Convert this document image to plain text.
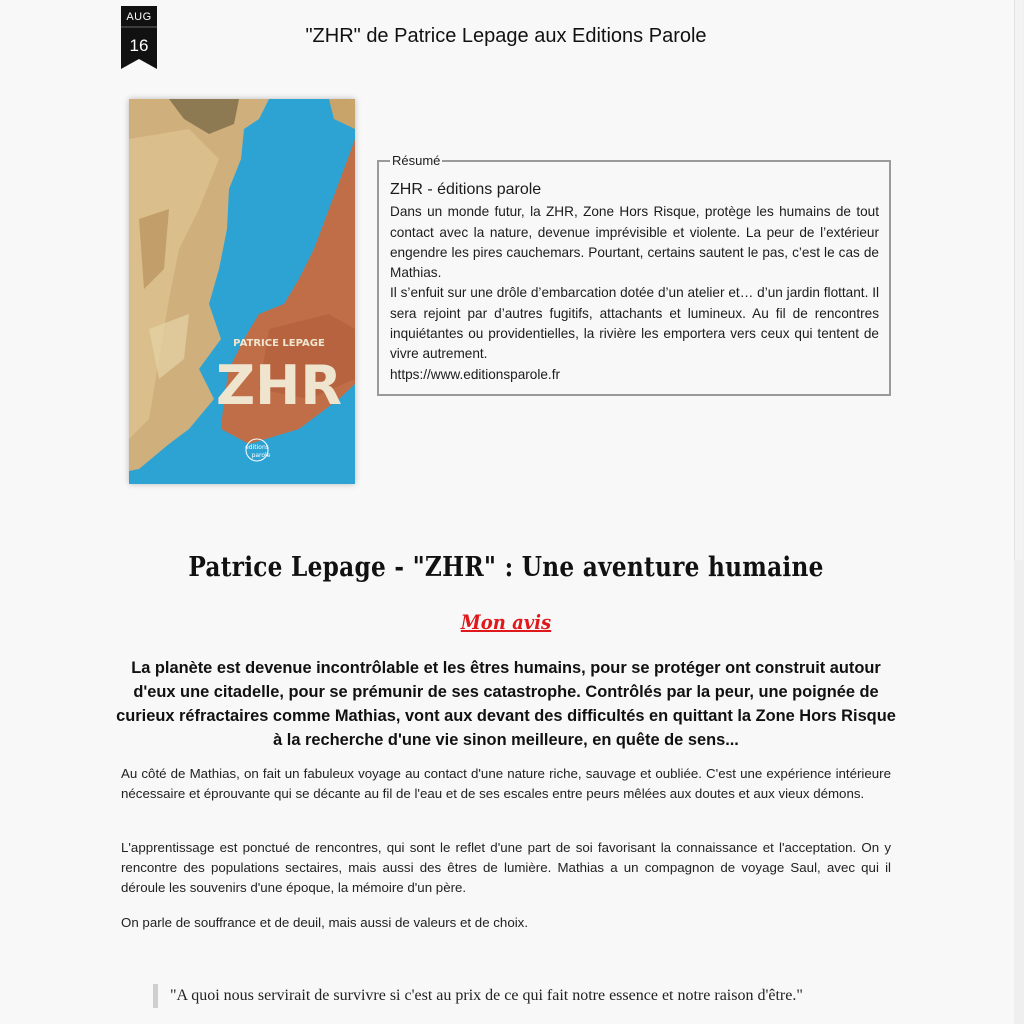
AUG
16	"ZHR" de Patrice Lepage aux Editions Parole
PATRICE LEPAGE
ZHR
éditions
parole
Résumé
ZHR - éditions parole

Dans un monde futur, la ZHR, Zone Hors Risque, protège les humains de tout contact avec la nature, devenue imprévisible et violente. La peur de l’extérieur engendre les pires cauchemars. Pourtant, certains sautent le pas, c’est le cas de Mathias.

Il s’enfuit sur une drôle d’embarcation dotée d’un atelier et… d’un jardin flottant. Il sera rejoint par d’autres fugitifs, attachants et lumineux. Au fil de rencontres inquiétantes ou providentielles, la rivière les emportera vers ceux qui tentent de vivre autrement.

https://www.editionsparole.fr

Patrice Lepage - "ZHR" : Une aventure humaine
Mon avis

La planète est devenue incontrôlable et les êtres humains, pour se protéger ont construit autour d'eux une citadelle, pour se prémunir de ses catastrophe. Contrôlés par la peur, une poignée de curieux réfractaires comme Mathias, vont aux devant des difficultés en quittant la Zone Hors Risque à la recherche d'une vie sinon meilleure, en quête de sens...

Au côté de Mathias, on fait un fabuleux voyage au contact d'une nature riche, sauvage et oubliée. C'est une expérience intérieure nécessaire et éprouvante qui se décante au fil de l'eau et de ses escales entre peurs mêlées aux doutes et aux vieux démons.

L'apprentissage est ponctué de rencontres, qui sont le reflet d'une part de soi favorisant la connaissance et l'acceptation. On y rencontre des populations sectaires, mais aussi des êtres de lumière. Mathias a un compagnon de voyage Saul, avec qui il déroule les souvenirs d'une époque, la mémoire d'un père.

On parle de souffrance et de deuil, mais aussi de valeurs et de choix.

"A quoi nous servirait de survivre si c'est au prix de ce qui fait notre essence et notre raison d'être."
